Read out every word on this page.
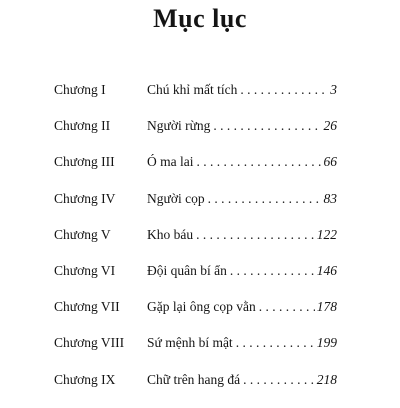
Mục lục
Chương I	Chú khỉ mất tích . . .	3
Chương II	Người rừng . . .	26
Chương III Ó ma lai . . .	66
Chương IV Người cọp . . .	83
Chương V	Kho báu . . .	122
Chương VI Đội quân bí ẩn . . .	146
Chương VII Gặp lại ông cọp vằn . . .	178
Chương VIII Sứ mệnh bí mật . . .	199
Chương IX Chữ trên hang đá . . .	218
